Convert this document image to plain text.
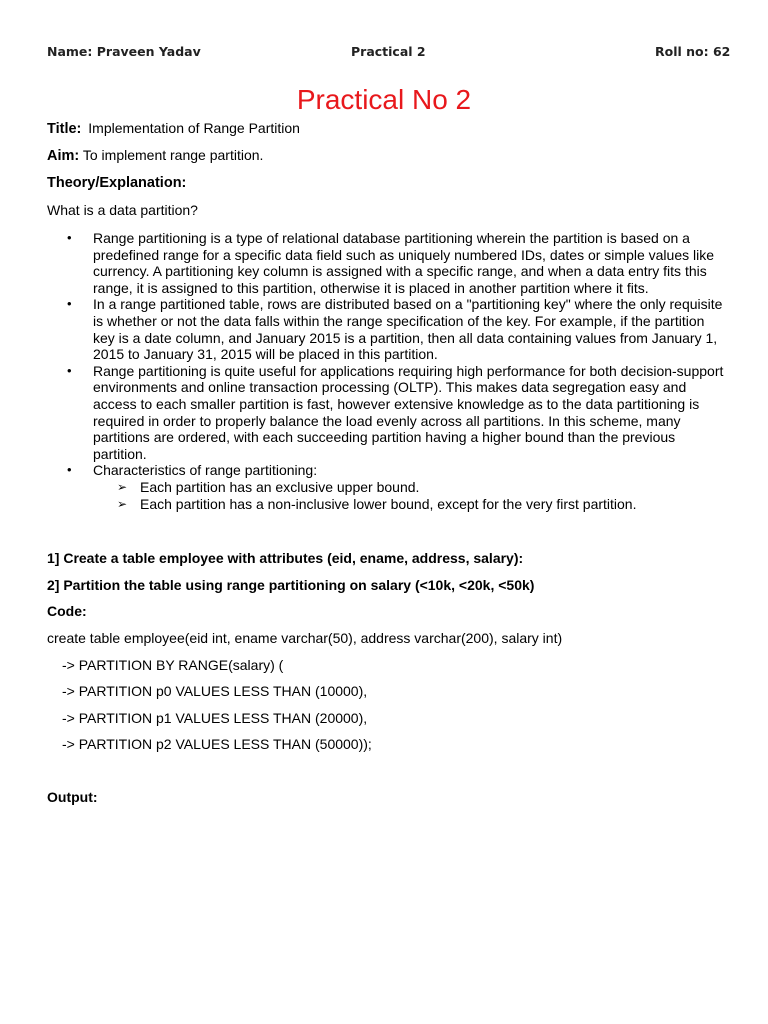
Name: Praveen Yadav	Practical 2	Roll no: 62
Practical No 2
Title: Implementation of Range Partition
Aim: To implement range partition.
Theory/Explanation:
What is a data partition?
• Range partitioning is a type of relational database partitioning wherein the partition is based on a predefined range for a specific data field such as uniquely numbered IDs, dates or simple values like currency. A partitioning key column is assigned with a specific range, and when a data entry fits this range, it is assigned to this partition, otherwise it is placed in another partition where it fits.
• In a range partitioned table, rows are distributed based on a "partitioning key" where the only requisite is whether or not the data falls within the range specification of the key. For example, if the partition key is a date column, and January 2015 is a partition, then all data containing values from January 1, 2015 to January 31, 2015 will be placed in this partition.
• Range partitioning is quite useful for applications requiring high performance for both decision-support environments and online transaction processing (OLTP). This makes data segregation easy and access to each smaller partition is fast, however extensive knowledge as to the data partitioning is required in order to properly balance the load evenly across all partitions. In this scheme, many partitions are ordered, with each succeeding partition having a higher bound than the previous partition.
• Characteristics of range partitioning:
➢ Each partition has an exclusive upper bound.
➢ Each partition has a non-inclusive lower bound, except for the very first partition.
1] Create a table employee with attributes (eid, ename, address, salary):
2] Partition the table using range partitioning on salary (<10k, <20k, <50k)
Code:
create table employee(eid int, ename varchar(50), address varchar(200), salary int)
-> PARTITION BY RANGE(salary) (
-> PARTITION p0 VALUES LESS THAN (10000),
-> PARTITION p1 VALUES LESS THAN (20000),
-> PARTITION p2 VALUES LESS THAN (50000));
Output:
